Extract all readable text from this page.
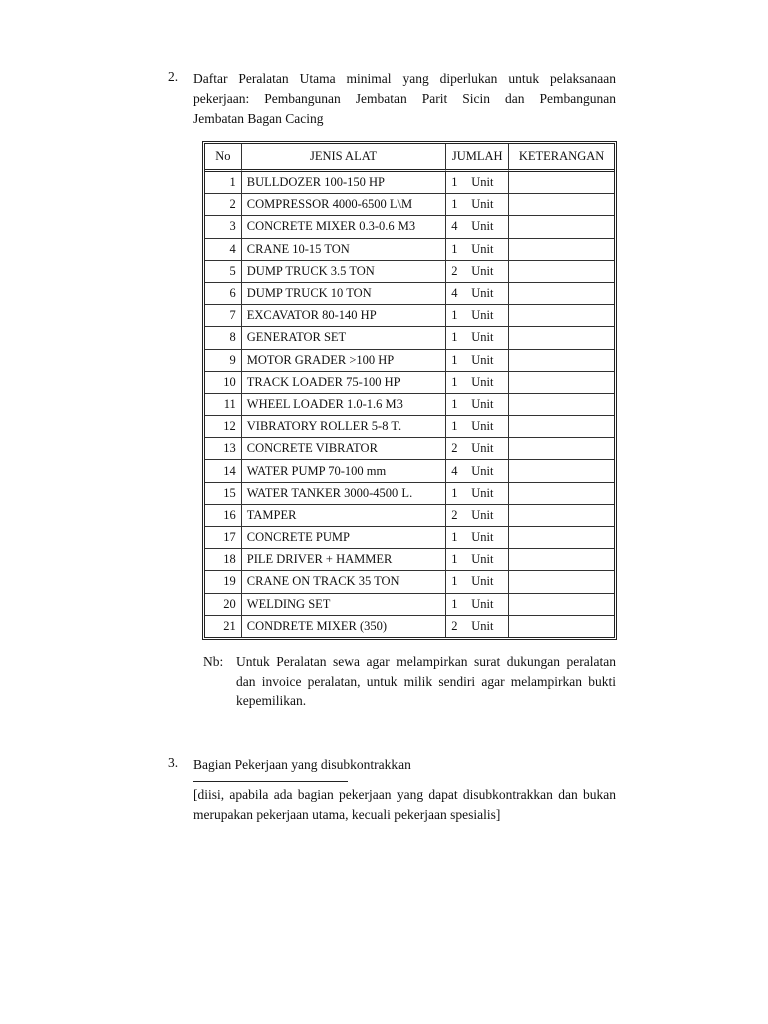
2. Daftar Peralatan Utama minimal yang diperlukan untuk pelaksanaan

pekerjaan: Pembangunan Jembatan Parit Sicin dan Pembangunan

Jembatan Bagan Cacing

No	JENIS ALAT	JUMLAH	KETERANGAN
1	BULLDOZER 100-150 HP	1 Unit	
2	COMPRESSOR 4000-6500 L\M	1 Unit	
3	CONCRETE MIXER 0.3-0.6 M3	4 Unit	
4	CRANE 10-15 TON	1 Unit	
5	DUMP TRUCK 3.5 TON	2 Unit	
6	DUMP TRUCK 10 TON	4 Unit	
7	EXCAVATOR 80-140 HP	1 Unit	
8	GENERATOR SET	1 Unit	
9	MOTOR GRADER >100 HP	1 Unit	
10	TRACK LOADER 75-100 HP	1 Unit	
11	WHEEL LOADER 1.0-1.6 M3	1 Unit	
12	VIBRATORY ROLLER 5-8 T.	1 Unit	
13	CONCRETE VIBRATOR	2 Unit	
14	WATER PUMP 70-100 mm	4 Unit	
15	WATER TANKER 3000-4500 L.	1 Unit	
16	TAMPER	2 Unit	
17	CONCRETE PUMP	1 Unit	
18	PILE DRIVER + HAMMER	1 Unit	
19	CRANE ON TRACK 35 TON	1 Unit	
20	WELDING SET	1 Unit	
21	CONDRETE MIXER (350)	2 Unit	
Nb: Untuk Peralatan sewa agar melampirkan surat dukungan peralatan dan invoice peralatan, untuk milik sendiri agar melampirkan bukti kepemilikan.
3. Bagian Pekerjaan yang disubkontrakkan
[diisi, apabila ada bagian pekerjaan yang dapat disubkontrakkan dan bukan merupakan pekerjaan utama, kecuali pekerjaan spesialis]
